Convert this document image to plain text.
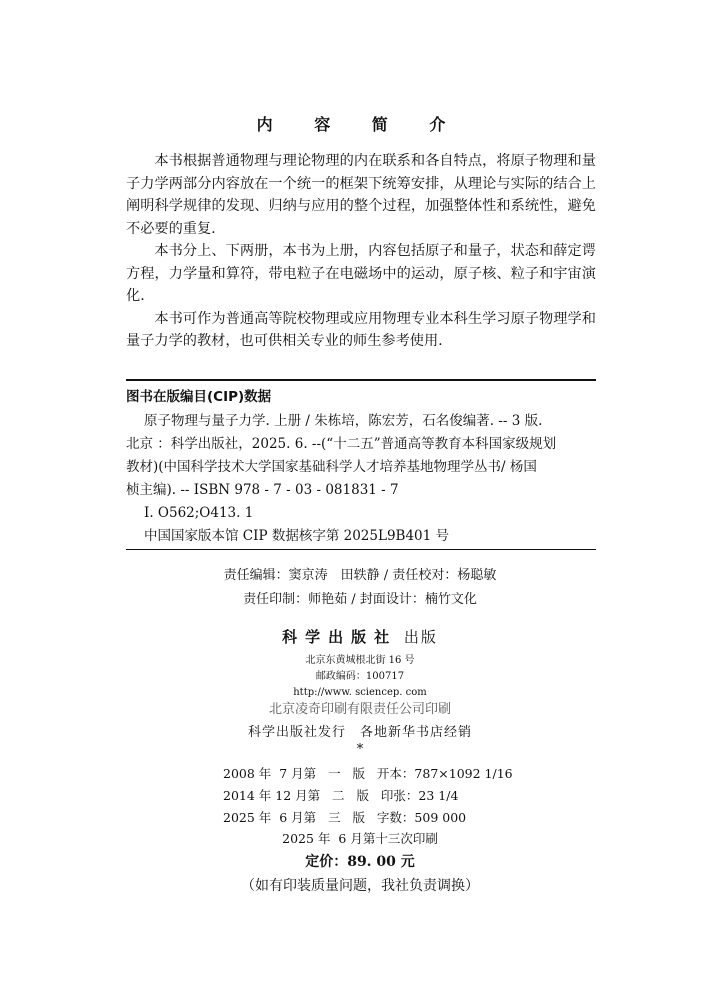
内 容 简 介

本书根据普通物理与理论物理的内在联系和各自特点，将原子物理和量子力学两部分内容放在一个统一的框架下统筹安排，从理论与实际的结合上阐明科学规律的发现、归纳与应用的整个过程，加强整体性和系统性，避免不必要的重复.

本书分上、下两册，本书为上册，内容包括原子和量子，状态和薛定谔方程，力学量和算符，带电粒子在电磁场中的运动，原子核、粒子和宇宙演化.

本书可作为普通高等院校物理或应用物理专业本科生学习原子物理学和量子力学的教材，也可供相关专业的师生参考使用.

图书在版编目(CIP)数据
原子物理与量子力学. 上册 / 朱栋培，陈宏芳，石名俊编著. -- 3 版.
北京 ：科学出版社，2025. 6. --(“十二五”普通高等教育本科国家级规划
教材)(中国科学技术大学国家基础科学人才培养基地物理学丛书/ 杨国
桢主编). -- ISBN 978 - 7 - 03 - 081831 - 7
Ⅰ. O562;O413. 1
中国国家版本馆 CIP 数据核字第 2025L9B401 号
责任编辑：窦京涛　田轶静 / 责任校对：杨聪敏
责任印制：师艳茹 / 封面设计：楠竹文化
科学出版社 出版
北京东黄城根北街 16 号
邮政编码：100717
http://www. sciencep. com
北京凌奇印刷有限责任公司印刷
科学出版社发行　各地新华书店经销
*
2008 年  7 月第   一   版   开本：787×1092 1/16
2014 年 12 月第   二   版   印张：23 1/4
2025 年  6 月第   三   版   字数：509 000
2025 年  6 月第十三次印刷
定价：89. 00 元
（如有印装质量问题，我社负责调换）
